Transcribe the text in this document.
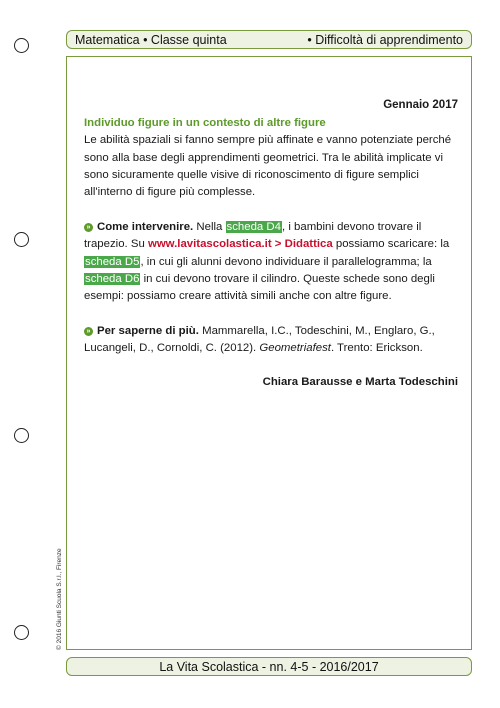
Matematica • Classe quinta	• Difficoltà di apprendimento
© 2016 Giunti Scuola S.r.l., Firenze
Gennaio 2017
Individuo figure in un contesto di altre figure

Le abilità spaziali si fanno sempre più affinate e vanno potenziate perché sono alla base degli apprendimenti geometrici. Tra le abilità implicate vi sono sicuramente quelle visive di riconoscimento di figure semplici all'interno di figure più complesse.

» Come intervenire. Nella scheda D4, i bambini devono trovare il trapezio. Su www.lavitascolastica.it > Didattica possiamo scaricare: la scheda D5, in cui gli alunni devono individuare il parallelogramma; la scheda D6 in cui devono trovare il cilindro. Queste schede sono degli esempi: possiamo creare attività simili anche con altre figure.

» Per saperne di più. Mammarella, I.C., Todeschini, M., Englaro, G., Lucangeli, D., Cornoldi, C. (2012). Geometriafest. Trento: Erickson.

Chiara Barausse e Marta Todeschini
La Vita Scolastica - nn. 4-5 - 2016/2017
